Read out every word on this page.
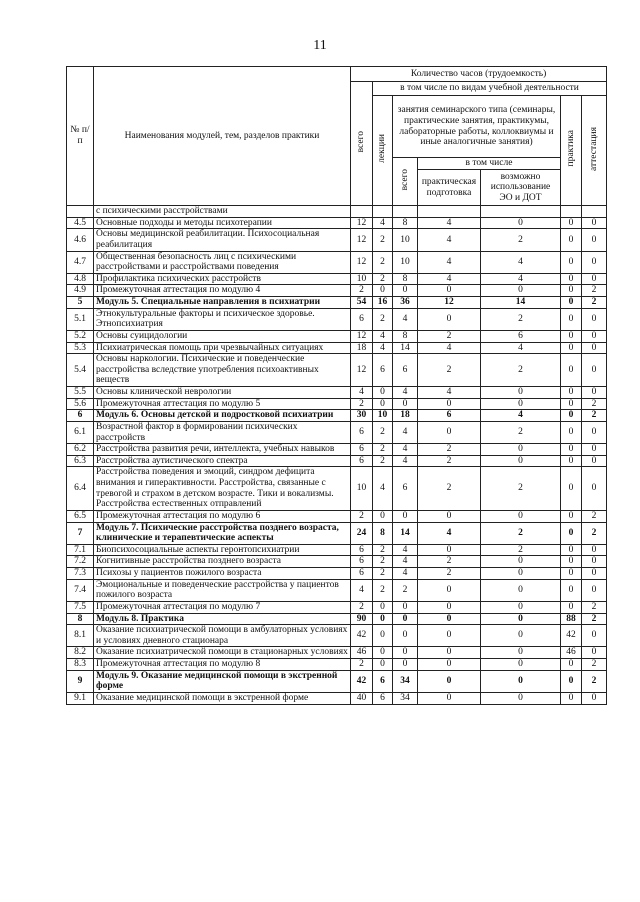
11
№ п/п	Наименования модулей, тем, разделов практики	Количество часов (трудоемкость)						
		всего	в том числе по видам учебной деятельности					
			лекции	занятия семинарского типа (семинары, практические занятия, практикумы, лабораторные работы, коллоквиумы и иные аналогичные занятия)			практика	аттестация
				всего	в том числе			
					практическая подготовка	возможно использование ЭО и ДОТ		
	с психическими расстройствами							
4.5	Основные подходы и методы психотерапии	12	4	8	4	0	0	0
4.6	Основы медицинской реабилитации. Психосоциальная реабилитация	12	2	10	4	2	0	0
4.7	Общественная безопасность лиц с психическими расстройствами и расстройствами поведения	12	2	10	4	4	0	0
4.8	Профилактика психических расстройств	10	2	8	4	4	0	0
4.9	Промежуточная аттестация по модулю 4	2	0	0	0	0	0	2
5	Модуль 5. Специальные направления в психиатрии	54	16	36	12	14	0	2
5.1	Этнокультуральные факторы и психическое здоровье. Этнопсихиатрия	6	2	4	0	2	0	0
5.2	Основы суицидологии	12	4	8	2	6	0	0
5.3	Психиатрическая помощь при чрезвычайных ситуациях	18	4	14	4	4	0	0
5.4	Основы наркологии. Психические и поведенческие расстройства вследствие употребления психоактивных веществ	12	6	6	2	2	0	0
5.5	Основы клинической неврологии	4	0	4	4	0	0	0
5.6	Промежуточная аттестация по модулю 5	2	0	0	0	0	0	2
6	Модуль 6. Основы детской и подростковой психиатрии	30	10	18	6	4	0	2
6.1	Возрастной фактор в формировании психических расстройств	6	2	4	0	2	0	0
6.2	Расстройства развития речи, интеллекта, учебных навыков	6	2	4	2	0	0	0
6.3	Расстройства аутистического спектра	6	2	4	2	0	0	0
6.4	Расстройства поведения и эмоций, синдром дефицита внимания и гиперактивности. Расстройства, связанные с тревогой и страхом в детском возрасте. Тики и вокализмы. Расстройства естественных отправлений	10	4	6	2	2	0	0
6.5	Промежуточная аттестация по модулю 6	2	0	0	0	0	0	2
7	Модуль 7. Психические расстройства позднего возраста, клинические и терапевтические аспекты	24	8	14	4	2	0	2
7.1	Биопсихосоциальные аспекты геронтопсихиатрии	6	2	4	0	2	0	0
7.2	Когнитивные расстройства позднего возраста	6	2	4	2	0	0	0
7.3	Психозы у пациентов пожилого возраста	6	2	4	2	0	0	0
7.4	Эмоциональные и поведенческие расстройства у пациентов пожилого возраста	4	2	2	0	0	0	0
7.5	Промежуточная аттестация по модулю 7	2	0	0	0	0	0	2
8	Модуль 8. Практика	90	0	0	0	0	88	2
8.1	Оказание психиатрической помощи в амбулаторных условиях и условиях дневного стационара	42	0	0	0	0	42	0
8.2	Оказание психиатрической помощи в стационарных условиях	46	0	0	0	0	46	0
8.3	Промежуточная аттестация по модулю 8	2	0	0	0	0	0	2
9	Модуль 9. Оказание медицинской помощи в экстренной форме	42	6	34	0	0	0	2
9.1	Оказание медицинской помощи в экстренной форме	40	6	34	0	0	0	0
